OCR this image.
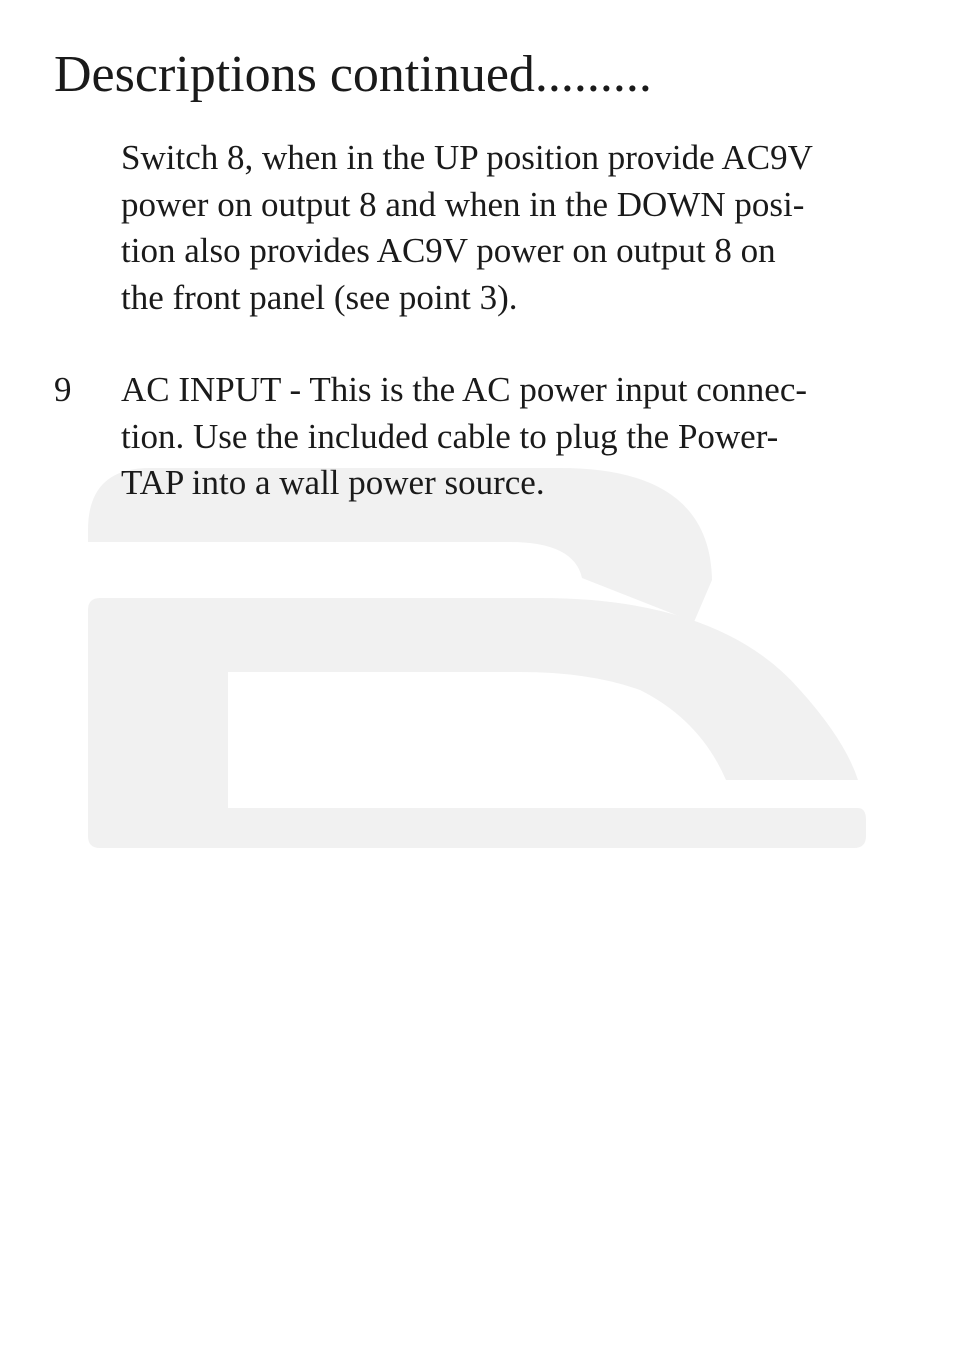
Descriptions continued.........
Switch 8, when in the UP position provide AC9V
power on output 8 and when in the DOWN posi-
tion also provides AC9V power on output 8 on
the front panel (see point 3).
9 AC INPUT - This is the AC power input connec-
tion. Use the included cable to plug the Power-
TAP into a wall power source.
